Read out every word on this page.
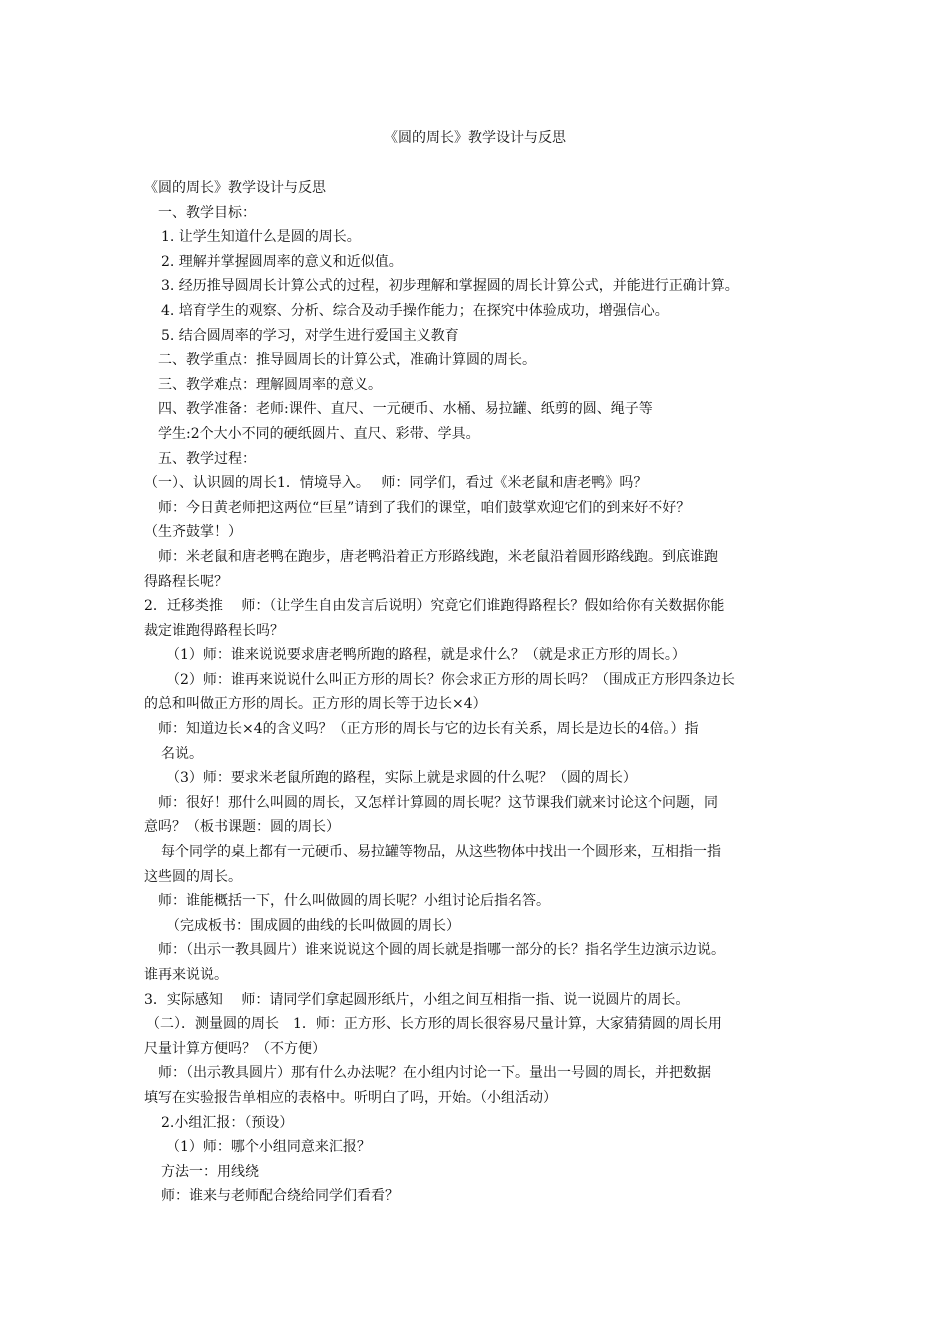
《圆的周长》教学设计与反思
《圆的周长》教学设计与反思
一、教学目标：
1. 让学生知道什么是圆的周长。
2. 理解并掌握圆周率的意义和近似值。
3. 经历推导圆周长计算公式的过程，初步理解和掌握圆的周长计算公式，并能进行正确计算。
4. 培育学生的观察、分析、综合及动手操作能力；在探究中体验成功，增强信心。
5. 结合圆周率的学习，对学生进行爱国主义教育
二、教学重点：推导圆周长的计算公式，准确计算圆的周长。
三、教学难点：理解圆周率的意义。
四、教学准备：老师:课件、直尺、一元硬币、水桶、易拉罐、纸剪的圆、绳子等
学生:2个大小不同的硬纸圆片、直尺、彩带、学具。
五、教学过程：
（一）、认识圆的周长1．情境导入。　 师：同学们，看过《米老鼠和唐老鸭》吗？
师：今日黄老师把这两位“巨星”请到了我们的课堂，咱们鼓掌欢迎它们的到来好不好？
（生齐鼓掌！）
师：米老鼠和唐老鸭在跑步，唐老鸭沿着正方形路线跑，米老鼠沿着圆形路线跑。到底谁跑
得路程长呢？
2．迁移类推　 师：（让学生自由发言后说明）究竟它们谁跑得路程长？假如给你有关数据你能
裁定谁跑得路程长吗？
（1）师：谁来说说要求唐老鸭所跑的路程，就是求什么？（就是求正方形的周长。）
（2）师：谁再来说说什么叫正方形的周长？你会求正方形的周长吗？（围成正方形四条边长
的总和叫做正方形的周长。正方形的周长等于边长×4）
师：知道边长×4的含义吗？（正方形的周长与它的边长有关系，周长是边长的4倍。）指
名说。
（3）师：要求米老鼠所跑的路程，实际上就是求圆的什么呢？（圆的周长）
师：很好！那什么叫圆的周长，又怎样计算圆的周长呢？这节课我们就来讨论这个问题，同
意吗？（板书课题：圆的周长）
每个同学的桌上都有一元硬币、易拉罐等物品，从这些物体中找出一个圆形来，互相指一指
这些圆的周长。
师：谁能概括一下，什么叫做圆的周长呢？小组讨论后指名答。
（完成板书：围成圆的曲线的长叫做圆的周长）
师：（出示一教具圆片）谁来说说这个圆的周长就是指哪一部分的长？指名学生边演示边说。
谁再来说说。
3．实际感知　 师：请同学们拿起圆形纸片，小组之间互相指一指、说一说圆片的周长。
（二）．测量圆的周长　1．师：正方形、长方形的周长很容易尺量计算，大家猜猜圆的周长用
尺量计算方便吗？（不方便）
师：（出示教具圆片）那有什么办法呢？在小组内讨论一下。量出一号圆的周长，并把数据
填写在实验报告单相应的表格中。听明白了吗，开始。（小组活动）
2.小组汇报：（预设）
（1）师：哪个小组同意来汇报？
方法一：用线绕
师：谁来与老师配合绕给同学们看看？
